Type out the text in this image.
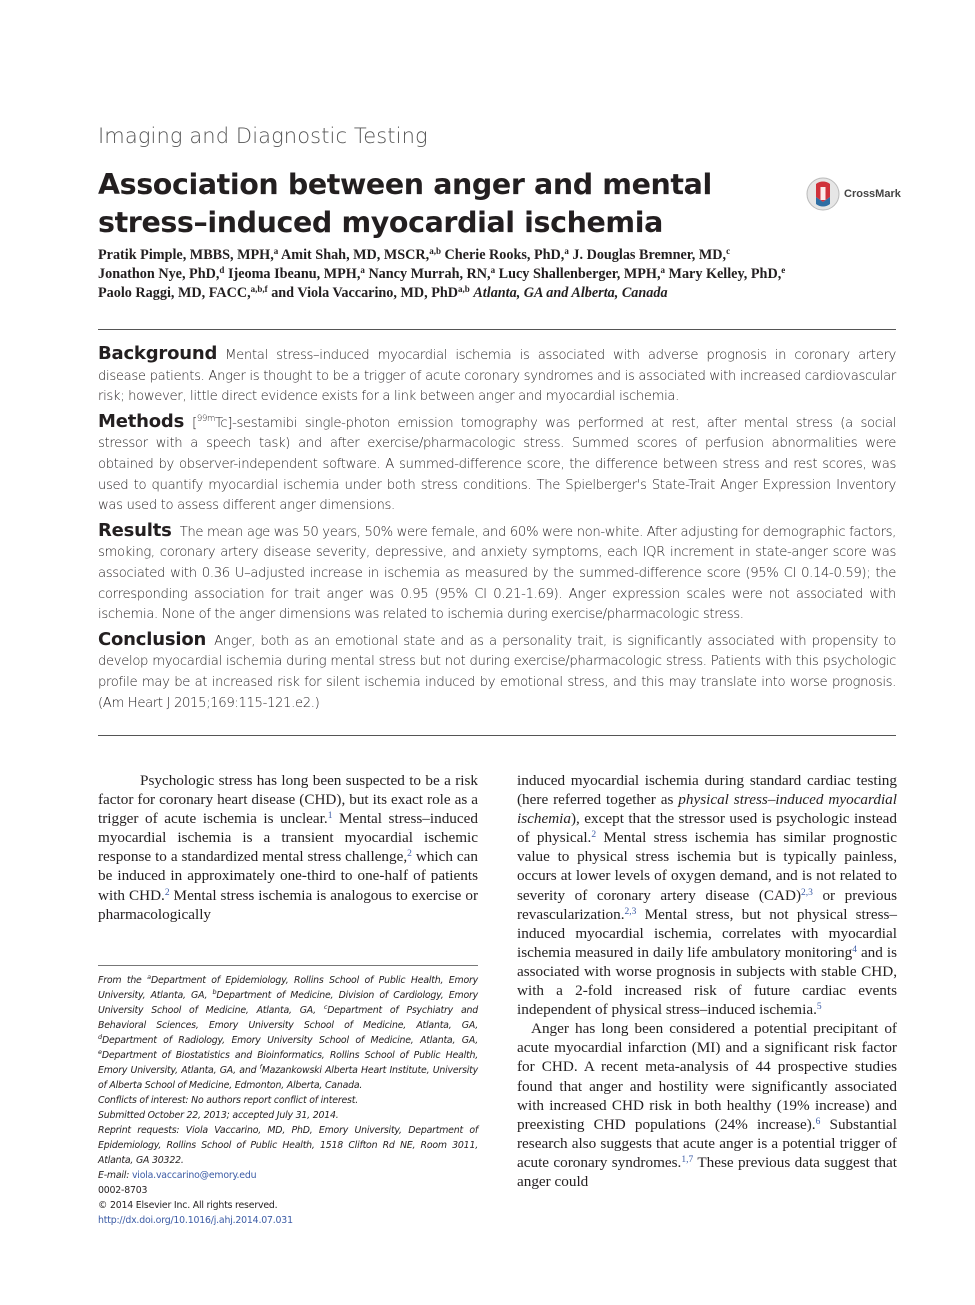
Imaging and Diagnostic Testing
Association between anger and mental stress–induced myocardial ischemia
CrossMark
Pratik Pimple, MBBS, MPH,$^a$ Amit Shah, MD, MSCR,$^{a,b}$ Cherie Rooks, PhD,$^a$ J. Douglas Bremner, MD,$^c$
Jonathon Nye, PhD,$^d$ Ijeoma Ibeanu, MPH,$^a$ Nancy Murrah, RN,$^a$ Lucy Shallenberger, MPH,$^a$ Mary Kelley, PhD,$^e$
Paolo Raggi, MD, FACC,$^{a,b,f}$ and Viola Vaccarino, MD, PhD$^{a,b}$ Atlanta, GA and Alberta, Canada

Background Mental stress–induced myocardial ischemia is associated with adverse prognosis in coronary artery disease patients. Anger is thought to be a trigger of acute coronary syndromes and is associated with increased cardiovascular risk; however, little direct evidence exists for a link between anger and myocardial ischemia.

Methods [$^{99m}$Tc]-sestamibi single-photon emission tomography was performed at rest, after mental stress (a social stressor with a speech task) and after exercise/pharmacologic stress. Summed scores of perfusion abnormalities were obtained by observer-independent software. A summed-difference score, the difference between stress and rest scores, was used to quantify myocardial ischemia under both stress conditions. The Spielberger's State-Trait Anger Expression Inventory was used to assess different anger dimensions.

Results The mean age was 50 years, 50% were female, and 60% were non-white. After adjusting for demographic factors, smoking, coronary artery disease severity, depressive, and anxiety symptoms, each IQR increment in state-anger score was associated with 0.36 U–adjusted increase in ischemia as measured by the summed-difference score (95% CI 0.14-0.59); the corresponding association for trait anger was 0.95 (95% CI 0.21-1.69). Anger expression scales were not associated with ischemia. None of the anger dimensions was related to ischemia during exercise/pharmacologic stress.

Conclusion Anger, both as an emotional state and as a personality trait, is significantly associated with propensity to develop myocardial ischemia during mental stress but not during exercise/pharmacologic stress. Patients with this psychologic profile may be at increased risk for silent ischemia induced by emotional stress, and this may translate into worse prognosis. (Am Heart J 2015;169:115-121.e2.)

Psychologic stress has long been suspected to be a risk factor for coronary heart disease (CHD), but its exact role as a trigger of acute ischemia is unclear.$^1$ Mental stress–induced myocardial ischemia is a transient myocardial ischemic response to a standardized mental stress challenge,$^2$ which can be induced in approximately one-third to one-half of patients with CHD.$^2$ Mental stress ischemia is analogous to exercise or pharmacologically
From the $^a$Department of Epidemiology, Rollins School of Public Health, Emory University, Atlanta, GA, $^b$Department of Medicine, Division of Cardiology, Emory University School of Medicine, Atlanta, GA, $^c$Department of Psychiatry and Behavioral Sciences, Emory University School of Medicine, Atlanta, GA, $^d$Department of Radiology, Emory University School of Medicine, Atlanta, GA, $^e$Department of Biostatistics and Bioinformatics, Rollins School of Public Health, Emory University, Atlanta, GA, and $^f$Mazankowski Alberta Heart Institute, University of Alberta School of Medicine, Edmonton, Alberta, Canada.
Conflicts of interest: No authors report conflict of interest.
Submitted October 22, 2013; accepted July 31, 2014.
Reprint requests: Viola Vaccarino, MD, PhD, Emory University, Department of Epidemiology, Rollins School of Public Health, 1518 Clifton Rd NE, Room 3011, Atlanta, GA 30322.
E-mail: viola.vaccarino@emory.edu
0002-8703
© 2014 Elsevier Inc. All rights reserved.
http://dx.doi.org/10.1016/j.ahj.2014.07.031

induced myocardial ischemia during standard cardiac testing (here referred together as physical stress–induced myocardial ischemia), except that the stressor used is psychologic instead of physical.$^2$ Mental stress ischemia has similar prognostic value to physical stress ischemia but is typically painless, occurs at lower levels of oxygen demand, and is not related to severity of coronary artery disease (CAD)$^{2,3}$ or previous revascularization.$^{2,3}$ Mental stress, but not physical stress–induced myocardial ischemia, correlates with myocardial ischemia measured in daily life ambulatory monitoring$^4$ and is associated with worse prognosis in subjects with stable CHD, with a 2-fold increased risk of future cardiac events independent of physical stress–induced ischemia.$^5$

Anger has long been considered a potential precipitant of acute myocardial infarction (MI) and a significant risk factor for CHD. A recent meta-analysis of 44 prospective studies found that anger and hostility were significantly associated with increased CHD risk in both healthy (19% increase) and preexisting CHD populations (24% increase).$^6$ Substantial research also suggests that acute anger is a potential trigger of acute coronary syndromes.$^{1,7}$ These previous data suggest that anger could
